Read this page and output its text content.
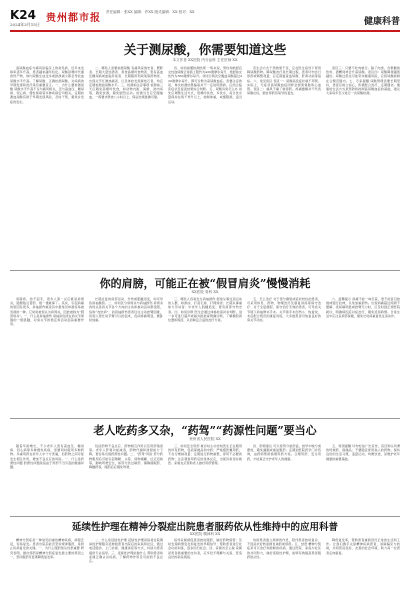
K24
2024年3月15日
贵州都市报
责任编辑：张XX 编辑：许XX 版式编辑：XX 校对：XX
健康科普
关于测尿酸，你需要知道这些
本文作者 XX医院 内分泌科 主任医师 XX
高尿酸血症与痛风是临床上的常见病，近年来发病率逐年升高，患者越来越年轻化。尿酸是嘌呤代谢的终产物，体内尿酸生成过多或排泄减少都会导致血尿酸水平升高。了解尿酸、正确检测尿酸，对疾病的早期发现和治疗具有重要意义。一、为什么要检测尿酸 尿酸水平升高不仅与痛风相关，还与高血压、糖尿病、冠心病、慢性肾病等多种疾病密切相关。定期检测血尿酸有助于早期发现风险，及时干预，避免并发症的发生。
二、哪些人需要检测尿酸 有痛风家族史者、肥胖者、长期大量饮酒者、喜食高嘌呤食物者、患有高血压糖尿病或血脂异常者、长期服用利尿剂等药物者、出现关节红肿热痛者，以及体检发现肾结石者，均应定期检测血尿酸水平。三、检测前注意事项 检测前三天应避免高嘌呤饮食，如动物内脏、海鲜、浓肉汤等，避免饮酒，避免剧烈运动。检测当日应空腹抽血，一般要求禁食八小时以上，保证结果准确可靠。
四、如何看懂检测结果 一般来说，男性和绝经后女性血尿酸正常值上限约为420微摩尔每升，绝经前女性约为360微摩尔每升。非同日两次空腹血尿酸超过420微摩尔每升，即可诊断为高尿酸血症。需要注意的是，单次检测结果偏高并不一定说明患病，应结合临床症状及复查结果综合判断。五、尿酸异常怎么办 首先应调整生活方式，低嘌呤饮食，多饮水，每日饮水量保持在两千毫升以上，控制体重，戒烟限酒，适当运动。
若生活方式干预效果不佳，应在医生指导下使用降尿酸药物。降尿酸治疗是长期过程，患者切勿自行停药或调整剂量，应定期复查血尿酸、肝肾功能等指标。六、常见误区 误区一：尿酸高没症状就不用管。实际上，无症状高尿酸血症同样会损害肾脏和心血管。误区二：痛风不痛了就停药。疼痛缓解并不代表尿酸达标，擅自停药容易导致复发。
误区三：只要不吃肉就行。除了肉类，含果糖的饮料、酒精同样会升高尿酸。误区四：尿酸降得越低越好。尿酸过低也可能带来健康风险，应将尿酸控制在合理范围内。七、专家提醒 尿酸管理需要长期坚持，患者应树立信心，积极配合治疗，定期随访。健康的生活方式是预防和控制高尿酸血症的基础，建议大家每年至少进行一次尿酸检测。
你的肩膀，可能正在被“假冒肩炎”慢慢消耗
XX医院 骨科 XX
肩膀疼，抬不起手，很多人第一反应就是肩周炎，随便贴点膏药、揉一揉就算了。其实，引起肩痛的原因有很多，肩袖损伤就是其中最常见却最容易被忽视的一种，它常常被误认为肩周炎，因此被称为“假冒肩炎”。一、什么是肩袖损伤 肩袖是包绕在肩关节周围的一组肌腱，对肩关节的稳定和活动起着重要作用。
长期反复的肩部活动、外伤或肌腱退变，均可导致肩袖撕裂。二、如何区分肩周炎与肩袖损伤 肩周炎的特点是肩关节各个方向的主动和被动活动都受限，俗称“冻结肩”；而肩袖损伤患者往往主动抬臂困难，但别人帮忙时手臂可以抬起来，夜间疼痛明显，侧卧时加重。
三、哪些人容易发生肩袖损伤 经常从事过顶运动的人群，如游泳、打羽毛球、打网球者；长期从事重体力劳动者；中老年人肌腱退变；曾有肩部外伤史者。四、如何诊断 医生会通过体格检查初步判断，进一步可进行超声或磁共振检查明确诊断，了解撕裂的位置和程度，从而制定合适的治疗方案。
五、怎么治疗 对于部分撕裂或症状较轻的患者，可采用休息、药物、物理治疗及康复训练等保守治疗；对于全层撕裂、保守治疗无效的患者，可考虑关节镜下肩袖修补手术。关节镜手术创伤小、恢复快，术后配合规范的康复训练，大多数患者可恢复良好的肩关节功能。
六、温馨提示 肩痛不能一味忍着，更不能盲目按揉或强行拉伸，以免加重损伤。出现肩痛超过两周不缓解、夜间痛明显或抬臂无力时，应及时到正规医院就诊，明确病因后对症治疗，避免延误病情。日常生活中应注意肩部保暖，避免长时间重复性过顶动作。
老人吃药多又杂，“药驾”“药源性问题”要当心
贵州省人民医院 XX
随着年龄增长，不少老年人患有高血压、糖尿病、冠心病等多种慢性疾病，需要同时服用多种药物。多重用药在老年人中十分普遍，但药物之间可能发生相互作用，增加不良反应的风险。一、什么是药源性问题 药源性问题是指由于用药不当引起的健康问题。
包括药物不良反应、药物相互作用以及用药错误等。老年人肝肾功能减退，药物代谢和排泄能力下降，更容易出现药源性问题。二、“药驾”风险 部分药物服用后可能引起嗜睡、头晕、视物模糊、反应迟钝等，影响驾驶安全，如部分抗过敏药、镇静催眠药、降糖药等，服药后应避免驾驶。
三、如何安全用药 就诊时主动告知医生正在服用的所有药物，包括保健品和中药；严格遵医嘱用药，不自行增减剂量；定期进行药物重整，停用不必要的药物；注意观察用药后的身体反应，出现异常及时就医。家属也应帮助老人做好用药管理。
四、药师建议 可以使用分装药盒，按早中晚分类摆放，避免漏服或重复服药；定期到医院药学门诊咨询，由药师帮助梳理用药方案。合理用药、安全用药，才能真正守护老年人的健康。
五、特别提醒 切勿轻信广告宣传，盲目购买所谓的特效药、保健品；不要随意使用他人的药物。保持良好的生活习惯，适量运动，均衡饮食，是维护老年健康的重要基础。
延续性护理在精神分裂症出院患者服药依从性维持中的应用科普
XX医院 精神科 XX
精神分裂症是一种常见的重性精神疾病，病程迁延，容易复发。患者出院后能否坚持规律服药，是防止疾病复发的关键。一、为什么服药依从性很重要 研究表明，擅自停药是精神分裂症复发最主要的原因之一，坚持服药可显著降低复发率。
二、什么是延续性护理 延续性护理是指将住院期间的护理服务延伸到患者出院后的家庭和社区，通过电话随访、上门访视、健康讲座等方式，持续为患者提供专业指导。三、延续性护理能做什么 帮助患者和家属正确认识疾病，了解药物作用及可能的不良反应。
指导家属督促患者按时服药，做好药物保管；及时发现病情变化和复发的早期信号；帮助患者进行社会功能训练，逐步回归社会。四、家属该怎么做 家属是患者最重要的支持者，应多给予理解与关爱，营造良好的家庭氛围。
协助患者建立规律的作息，陪伴患者按时复诊，不因症状好转而擅自减药或停药。五、结语 精神分裂症是可以治疗和控制的疾病，通过医院、家庭与社区的共同努力，做好延续性护理，能够有效提高患者服药依从性。
降低复发率，帮助患者重新回归正常的生活和工作。让我们携手关爱精神疾病患者，消除偏见与歧视，共同营造包容、友善的社会环境，助力每一位患者走向康复。
